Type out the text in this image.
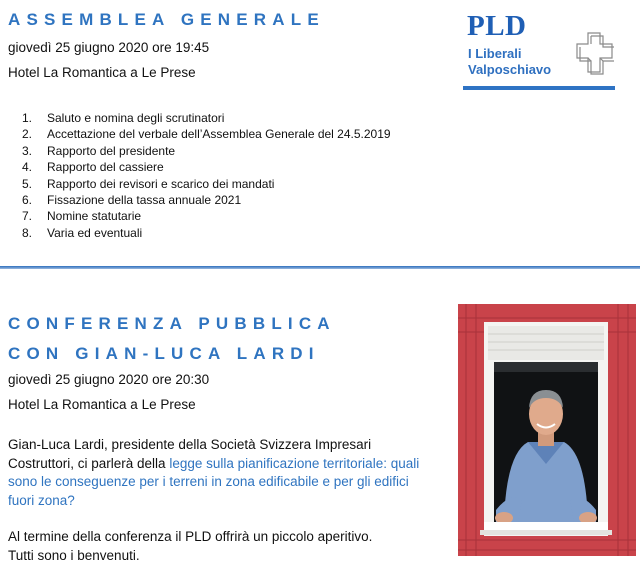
ASSEMBLEA GENERALE
giovedì 25 giugno 2020 ore 19:45
Hotel La Romantica a Le Prese
PLD
I Liberali
Valposchiavo
1. Saluto e nomina degli scrutinatori
2. Accettazione del verbale dell’Assemblea Generale del 24.5.2019
3. Rapporto del presidente
4. Rapporto del cassiere
5. Rapporto dei revisori e scarico dei mandati
6. Fissazione della tassa annuale 2021
7. Nomine statutarie
8. Varia ed eventuali
CONFERENZA PUBBLICA
CON GIAN-LUCA LARDI
giovedì 25 giugno 2020 ore 20:30
Hotel La Romantica a Le Prese
Gian-Luca Lardi, presidente della Società Svizzera Impresari Costruttori, ci parlerà della legge sulla pianificazione territoriale: quali sono le conseguenze per i terreni in zona edificabile e per gli edifici fuori zona?
Al termine della conferenza il PLD offrirà un piccolo aperitivo.
Tutti sono i benvenuti.
